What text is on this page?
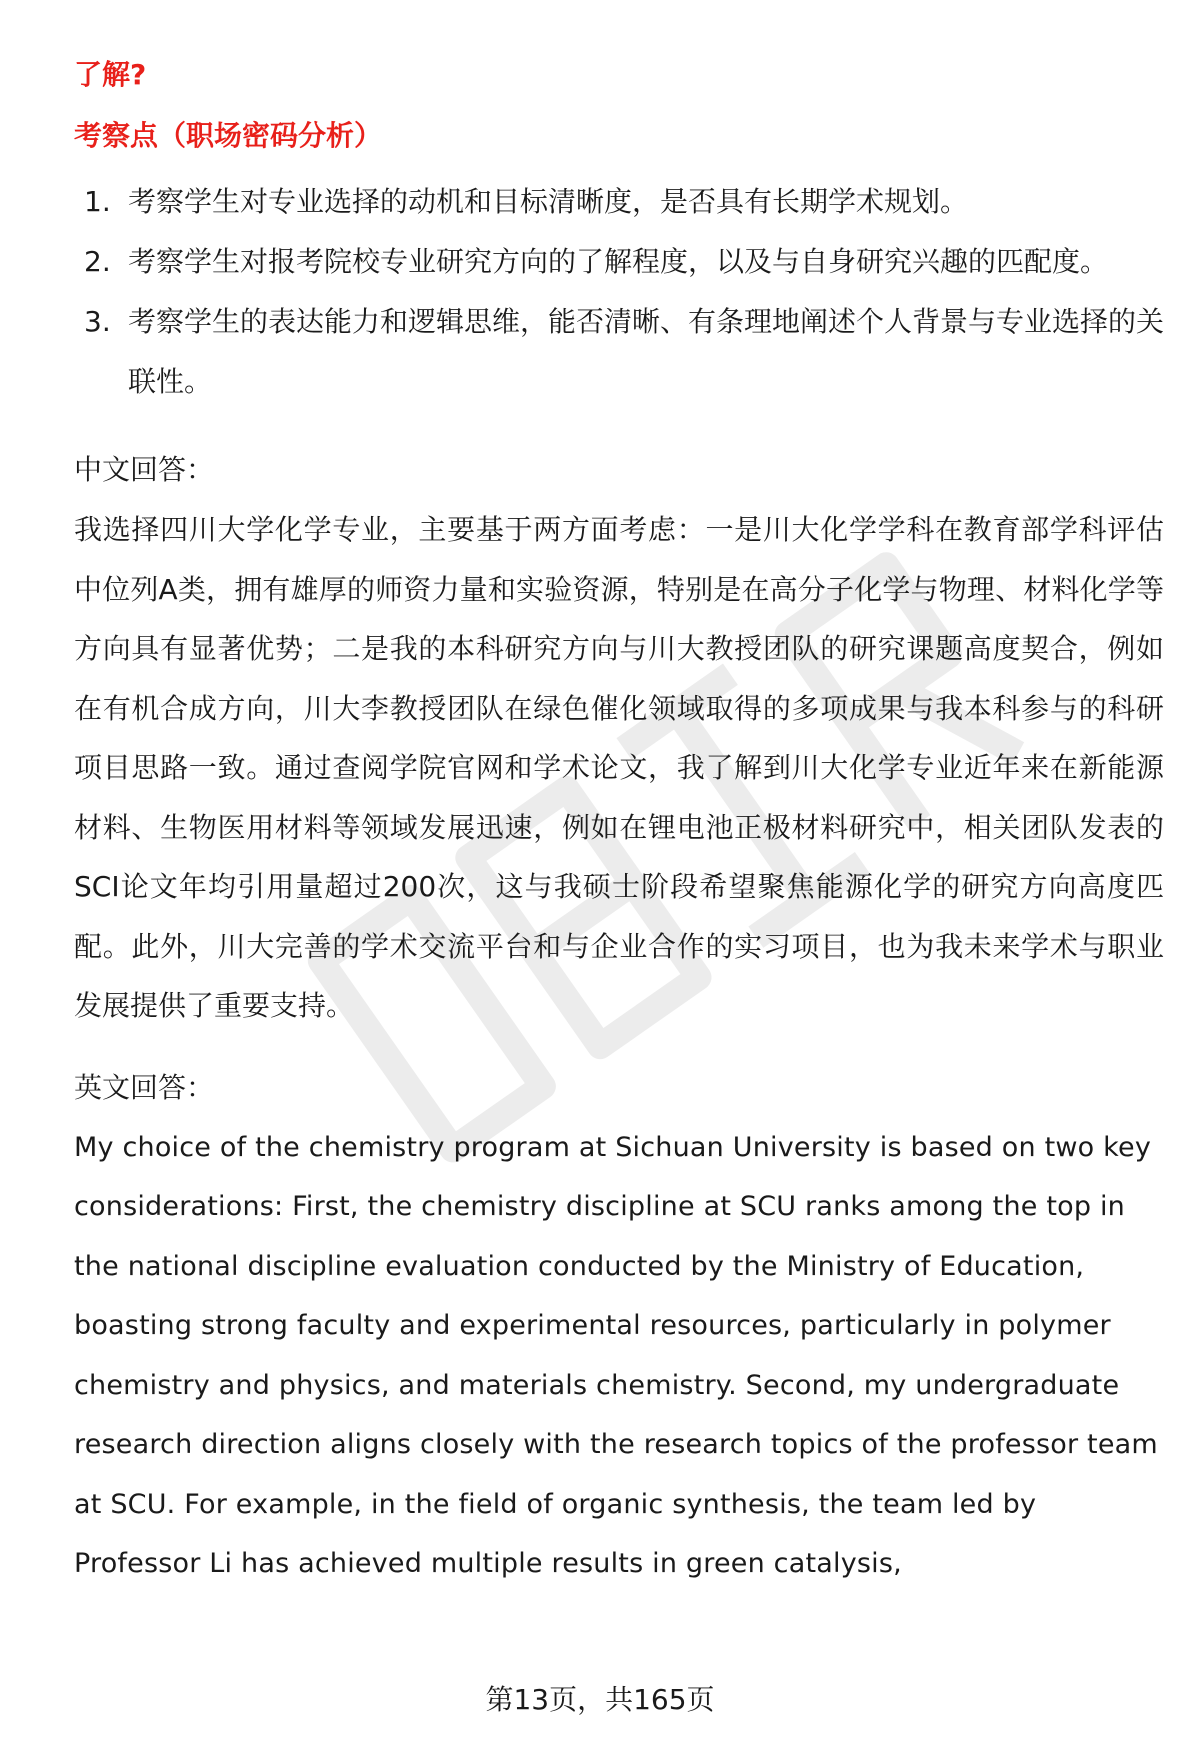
了解?
考察点（职场密码分析）
1. 考察学生对专业选择的动机和目标清晰度，是否具有长期学术规划。
2. 考察学生对报考院校专业研究方向的了解程度，以及与自身研究兴趣的匹配度。
3. 考察学生的表达能力和逻辑思维，能否清晰、有条理地阐述个人背景与专业选择的关联性。

中文回答：

我选择四川大学化学专业，主要基于两方面考虑：一是川大化学学科在教育部学科评估中位列A类，拥有雄厚的师资力量和实验资源，特别是在高分子化学与物理、材料化学等方向具有显著优势；二是我的本科研究方向与川大教授团队的研究课题高度契合，例如在有机合成方向，川大李教授团队在绿色催化领域取得的多项成果与我本科参与的科研项目思路一致。通过查阅学院官网和学术论文，我了解到川大化学专业近年来在新能源材料、生物医用材料等领域发展迅速，例如在锂电池正极材料研究中，相关团队发表的SCI论文年均引用量超过200次，这与我硕士阶段希望聚焦能源化学的研究方向高度匹配。此外，川大完善的学术交流平台和与企业合作的实习项目，也为我未来学术与职业发展提供了重要支持。

英文回答：

My choice of the chemistry program at Sichuan University is based on two key considerations: First, the chemistry discipline at SCU ranks among the top in the national discipline evaluation conducted by the Ministry of Education, boasting strong faculty and experimental resources, particularly in polymer chemistry and physics, and materials chemistry. Second, my undergraduate research direction aligns closely with the research topics of the professor team at SCU. For example, in the field of organic synthesis, the team led by Professor Li has achieved multiple results in green catalysis,

第13页，共165页
